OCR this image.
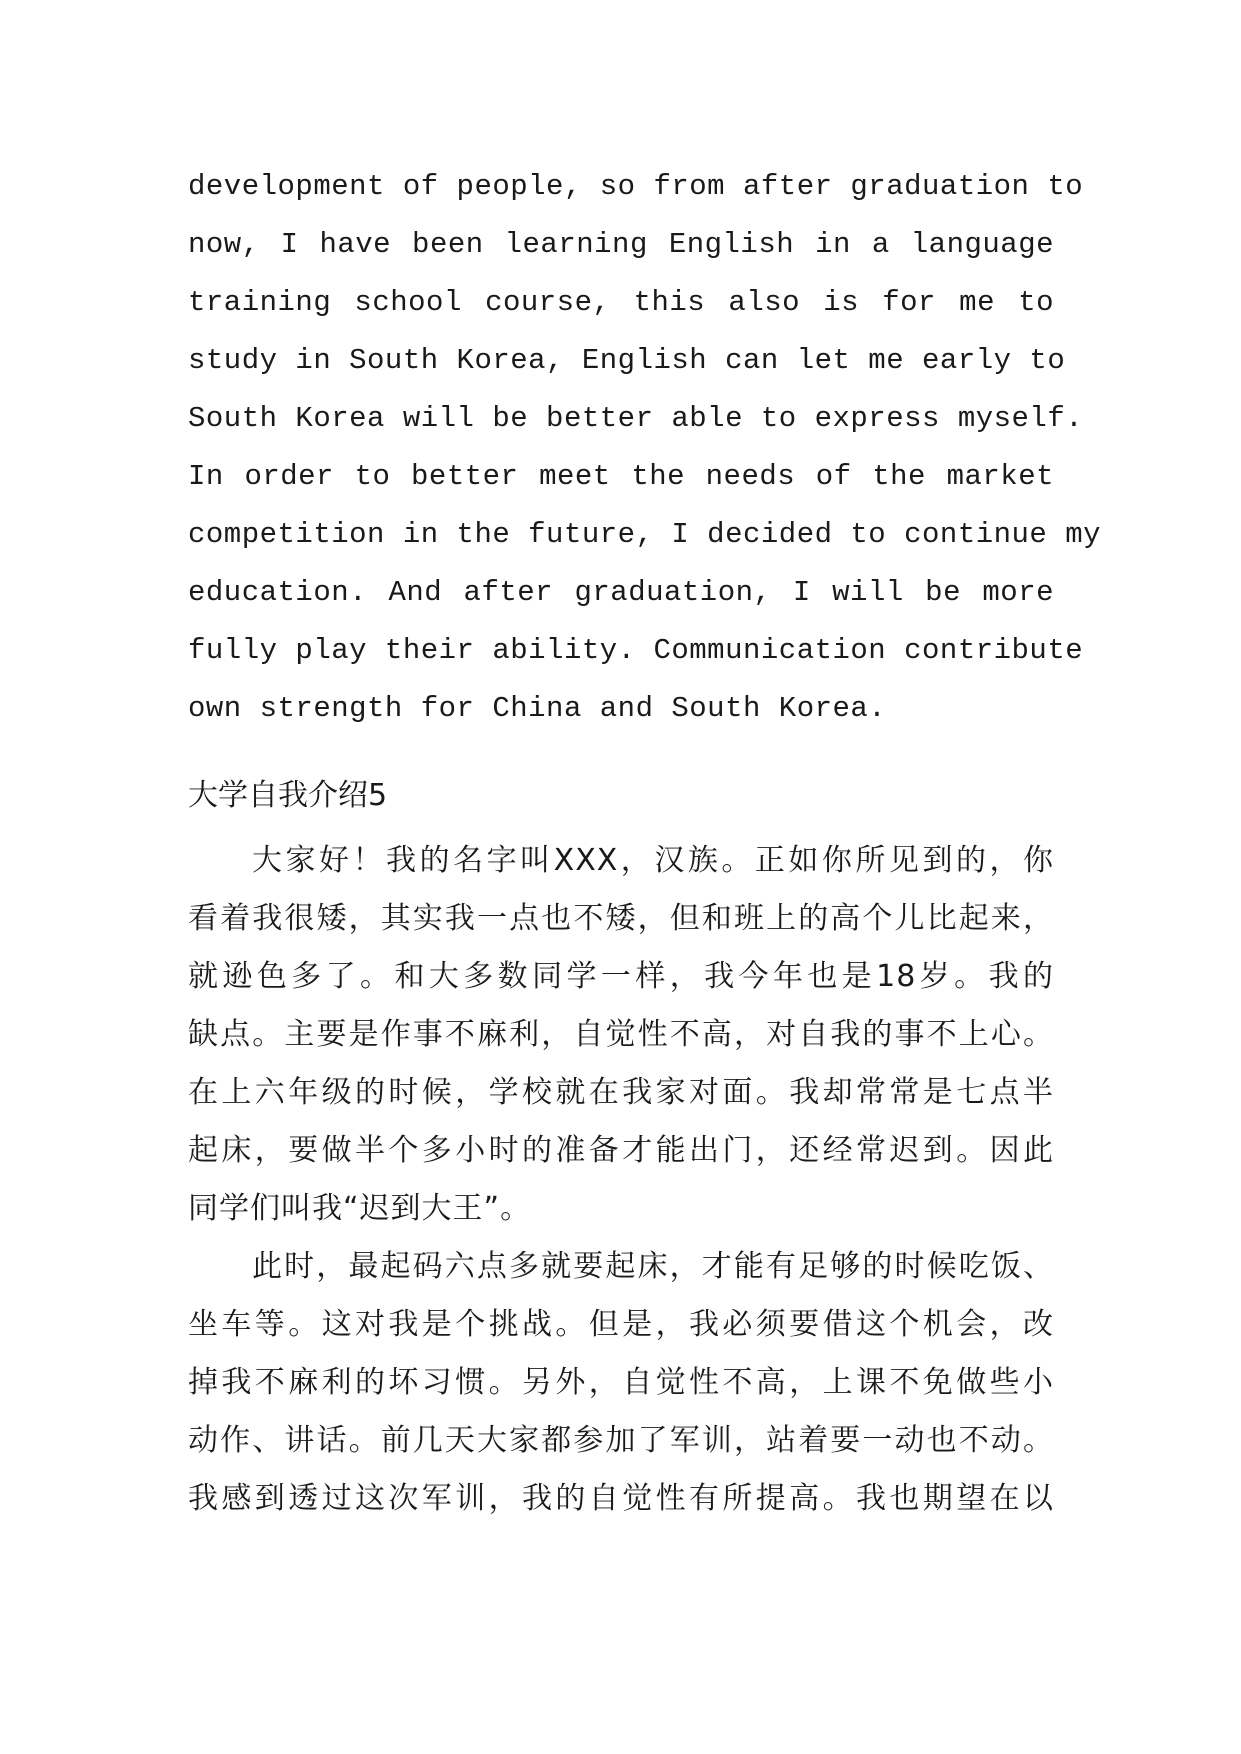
development of people, so from after graduation to
now, I have been learning English in a language
training school course, this also is for me to
study in South Korea, English can let me early to
South Korea will be better able to express myself.
In order to better meet the needs of the market
competition in the future, I decided to continue my
education. And after graduation, I will be more
fully play their ability. Communication contribute
own strength for China and South Korea.
大学自我介绍5
大家好！我的名字叫XXX，汉族。正如你所见到的，你
看着我很矮，其实我一点也不矮，但和班上的高个儿比起来，
就逊色多了。和大多数同学一样，我今年也是18岁。我的
缺点。主要是作事不麻利，自觉性不高，对自我的事不上心。
在上六年级的时候，学校就在我家对面。我却常常是七点半
起床，要做半个多小时的准备才能出门，还经常迟到。因此
同学们叫我“迟到大王”。
此时，最起码六点多就要起床，才能有足够的时候吃饭、
坐车等。这对我是个挑战。但是，我必须要借这个机会，改
掉我不麻利的坏习惯。另外，自觉性不高，上课不免做些小
动作、讲话。前几天大家都参加了军训，站着要一动也不动。
我感到透过这次军训，我的自觉性有所提高。我也期望在以
